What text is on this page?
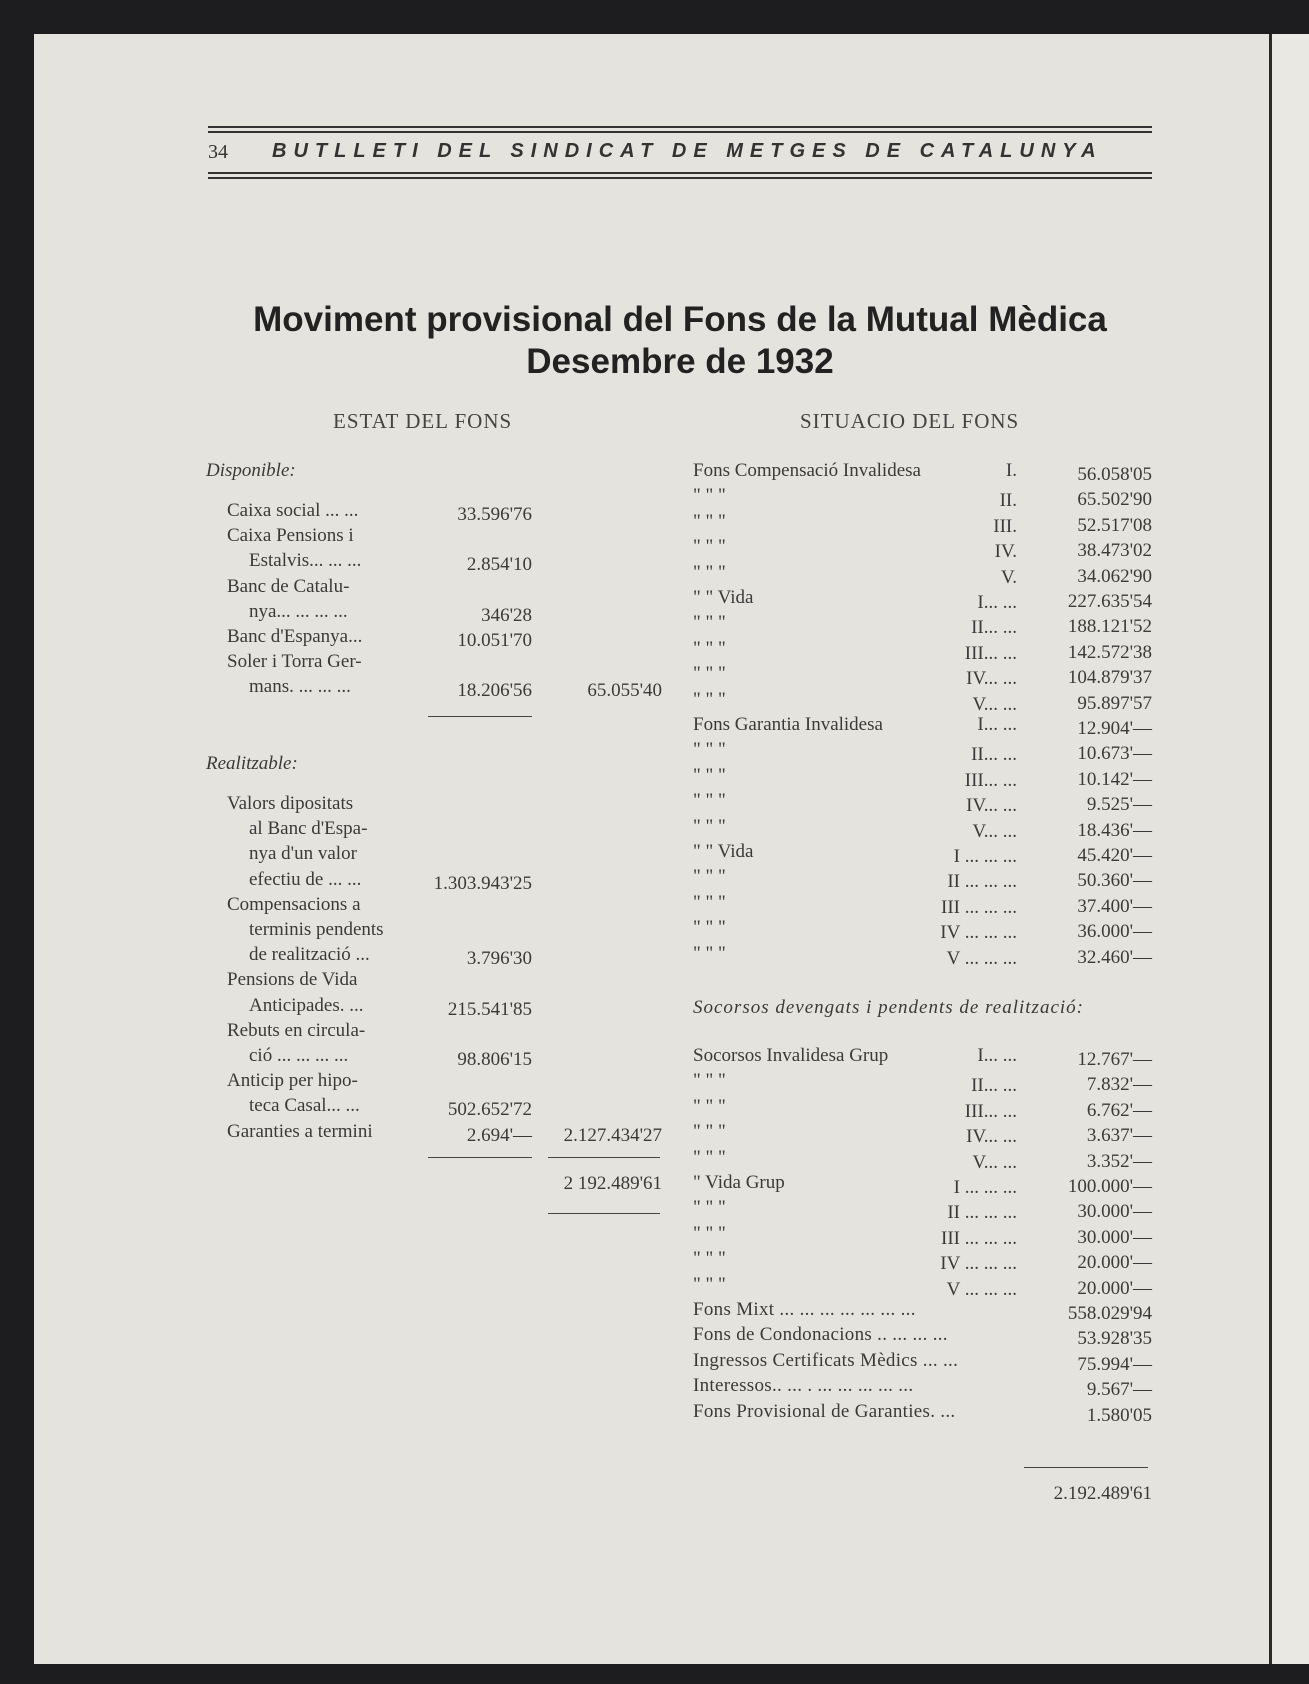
34 BUTLLETI DEL SINDICAT DE METGES DE CATALUNYA
Moviment provisional del Fons de la Mutual Mèdica
Desembre de 1932
ESTAT DEL FONS	SITUACIO DEL FONS
Disponible:
Caixa social ... ...	33.596'76
Caixa Pensions i
Estalvis... ... ...	2.854'10
Banc de Catalu-
nya... ... ... ...	346'28
Banc d'Espanya...	10.051'70
Soler i Torra Ger-
mans. ... ... ...	18.206'56	65.055'40
Realitzable:
Valors dipositats
al Banc d'Espa-
nya d'un valor
efectiu de ... ...	1.303.943'25
Compensacions a
terminis pendents
de realització ...	3.796'30
Pensions de Vida
Anticipades. ...	215.541'85
Rebuts en circula-
ció ... ... ... ...	98.806'15
Anticip per hipo-
teca Casal... ...	502.652'72
Garanties a termini	2.694'—	2.127.434'27
2 192.489'61
Fons Compensació Invalidesa	I.	56.058'05
" " "	II.	65.502'90
" " "	III.	52.517'08
" " "	IV.	38.473'02
" " "	V.	34.062'90
" " Vida	I... ...	227.635'54
" " "	II... ...	188.121'52
" " "	III... ...	142.572'38
" " "	IV... ...	104.879'37
" " "	V... ...	95.897'57
Fons Garantia Invalidesa	I... ...	12.904'—
" " "	II... ...	10.673'—
" " "	III... ...	10.142'—
" " "	IV... ...	9.525'—
" " "	V... ...	18.436'—
" " Vida	I ... ... ...	45.420'—
" " "	II ... ... ...	50.360'—
" " "	III ... ... ...	37.400'—
" " "	IV ... ... ...	36.000'—
" " "	V ... ... ...	32.460'—
Socorsos devengats i pendents de realització:
Socorsos Invalidesa Grup	I... ...	12.767'—
" " "	II... ...	7.832'—
" " "	III... ...	6.762'—
" " "	IV... ...	3.637'—
" " "	V... ...	3.352'—
" Vida Grup	I ... ... ...	100.000'—
" " "	II ... ... ...	30.000'—
" " "	III ... ... ...	30.000'—
" " "	IV ... ... ...	20.000'—
" " "	V ... ... ...	20.000'—
Fons Mixt ... ... ... ... ... ... ...	558.029'94
Fons de Condonacions .. ... ... ...	53.928'35
Ingressos Certificats Mèdics ... ...	75.994'—
Interessos.. ... . ... ... ... ... ...	9.567'—
Fons Provisional de Garanties. ...	1.580'05
2.192.489'61
